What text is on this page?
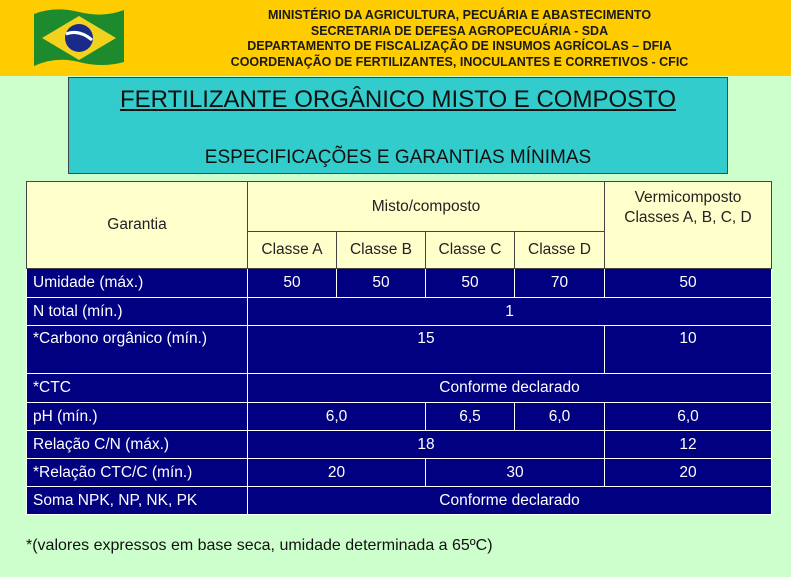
MINISTÉRIO DA AGRICULTURA, PECUÁRIA E ABASTECIMENTO
SECRETARIA DE DEFESA AGROPECUÁRIA - SDA
DEPARTAMENTO DE FISCALIZAÇÃO DE INSUMOS AGRÍCOLAS – DFIA
COORDENAÇÃO DE FERTILIZANTES, INOCULANTES E CORRETIVOS - CFIC
FERTILIZANTE ORGÂNICO MISTO E COMPOSTO
ESPECIFICAÇÕES E GARANTIAS MÍNIMAS
Garantia	Misto/composto				Vermicomposto Classes A, B, C, D
	Classe A	Classe B	Classe C	Classe D	
Umidade (máx.)	50	50	50	70	50
N total (mín.)	1				
*Carbono orgânico (mín.)	15				10
*CTC	Conforme declarado				
pH (mín.)	6,0		6,5	6,0	6,0
Relação C/N (máx.)	18				12
*Relação CTC/C (mín.)	20		30		20
Soma NPK, NP, NK, PK	Conforme declarado				
*(valores expressos em base seca, umidade determinada a 65ºC)
